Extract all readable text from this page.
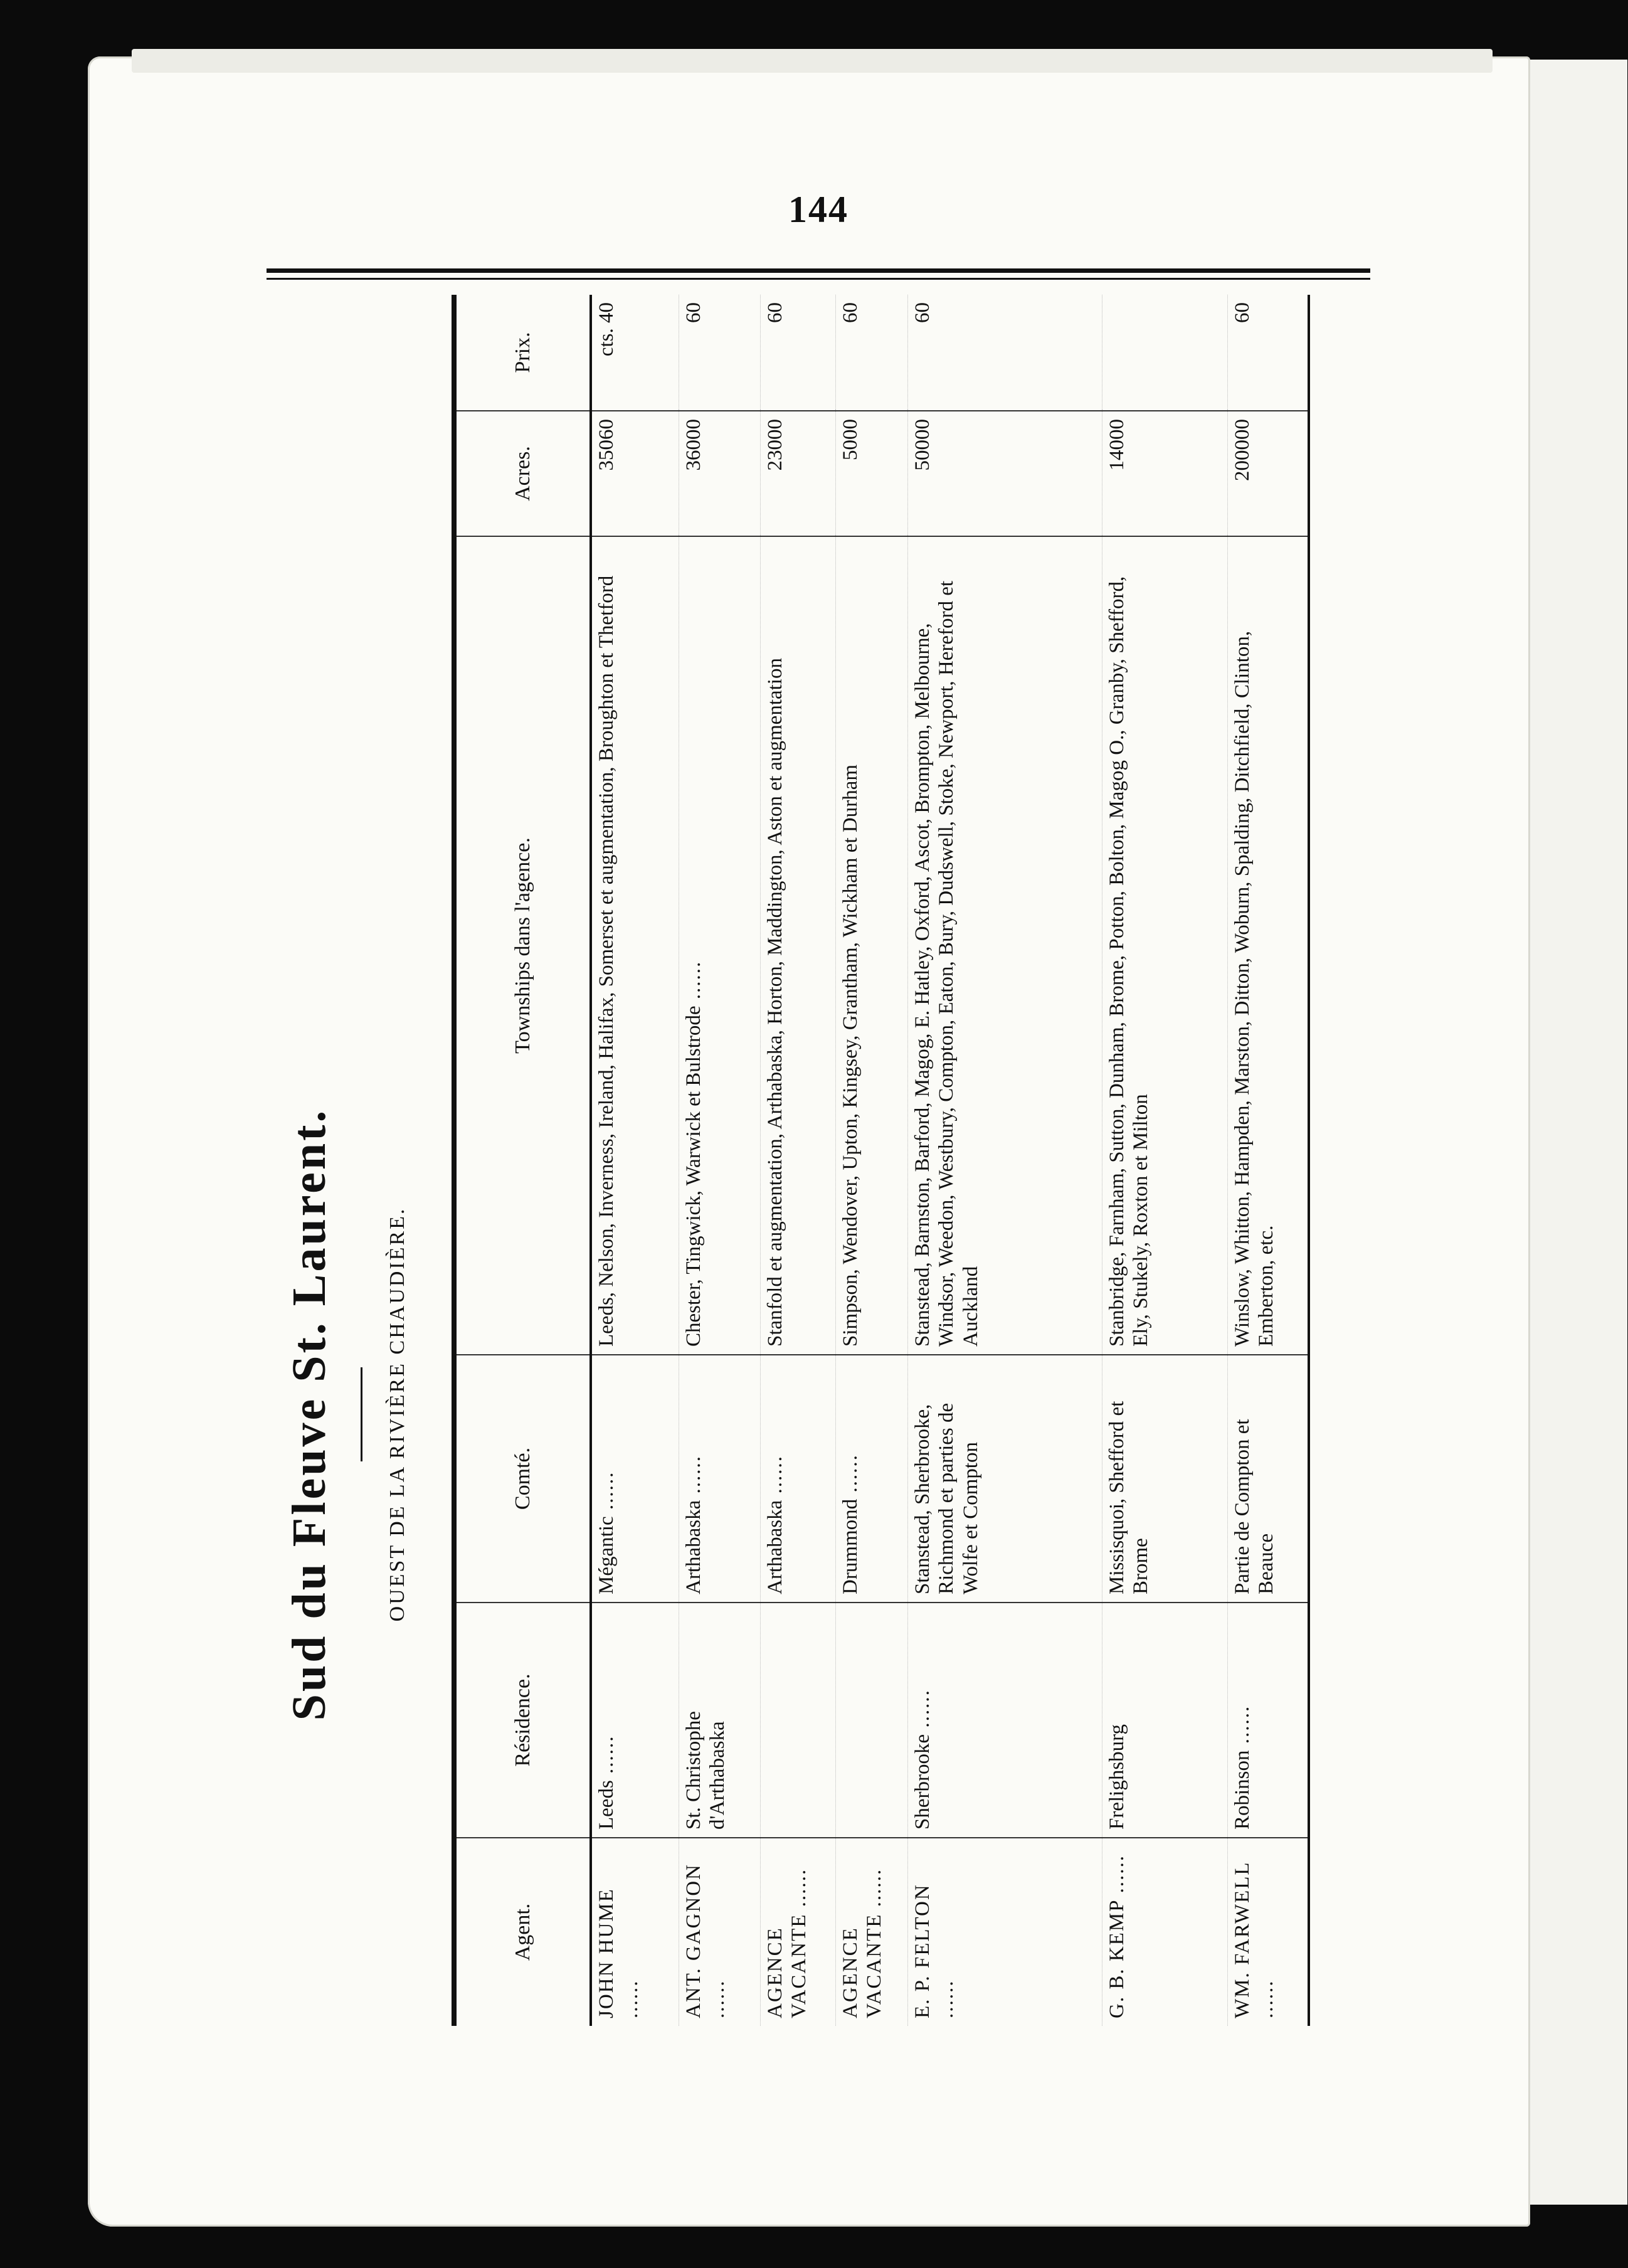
144
Sud du Fleuve St. Laurent. OUEST DE LA RIVIÈRE CHAUDIÈRE.
Agent.	Résidence.	Comté.	Townships dans l'agence.	Acres.	Prix.
JOHN HUME ......	Leeds ......	Mégantic ......	Leeds, Nelson, Inverness, Ireland, Halifax, Somerset et augmentation, Broughton et Thetford	35060	cts. 40
ANT. GAGNON ......	St. Christophe d'Arthabaska	Arthabaska ......	Chester, Tingwick, Warwick et Bulstrode ......	36000	60
AGENCE VACANTE ......		Arthabaska ......	Stanfold et augmentation, Arthabaska, Horton, Maddington, Aston et augmentation	23000	60
AGENCE VACANTE ......		Drummond ......	Simpson, Wendover, Upton, Kingsey, Grantham, Wickham et Durham	5000	60
E. P. FELTON ......	Sherbrooke ......	Stanstead, Sherbrooke, Richmond et parties de Wolfe et Compton	Stanstead, Barnston, Barford, Magog, E. Hatley, Oxford, Ascot, Brompton, Melbourne, Windsor, Weedon, Westbury, Compton, Eaton, Bury, Dudswell, Stoke, Newport, Hereford et Auckland	50000	60
G. B. KEMP ......	Frelighsburg	Missisquoi, Shefford et Brome	Stanbridge, Farnham, Sutton, Dunham, Brome, Potton, Bolton, Magog O., Granby, Shefford, Ely, Stukely, Roxton et Milton	14000	
WM. FARWELL ......	Robinson ......	Partie de Compton et Beauce	Winslow, Whitton, Hampden, Marston, Ditton, Woburn, Spalding, Ditchfield, Clinton, Emberton, etc.	200000	60
